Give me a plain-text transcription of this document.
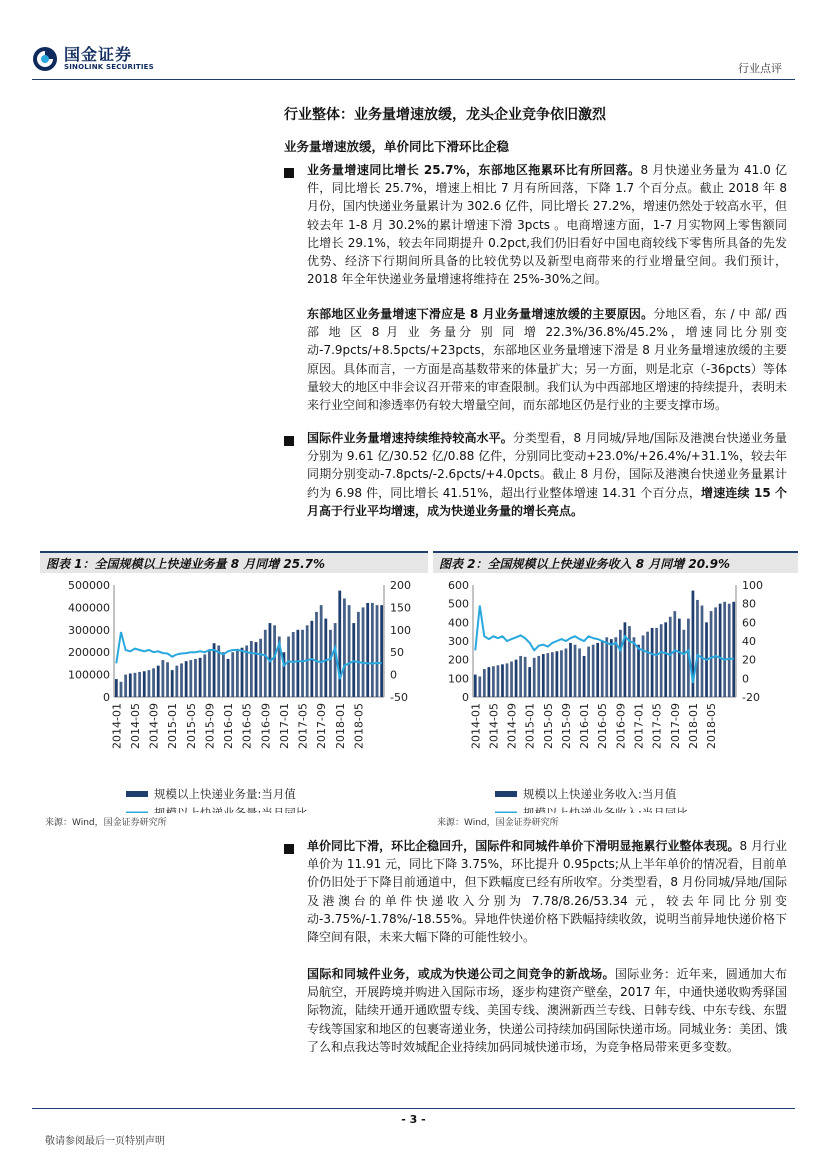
国金证券
SINOLINK SECURITIES	行业点评
行业整体：业务量增速放缓，龙头企业竞争依旧激烈
业务量增速放缓，单价同比下滑环比企稳
业务量增速同比增长 25.7%，东部地区拖累环比有所回落。8 月快递业务量为 41.0 亿件，同比增长 25.7%，增速上相比 7 月有所回落，下降 1.7 个百分点。截止 2018 年 8 月份，国内快递业务量累计为 302.6 亿件，同比增长 27.2%，增速仍然处于较高水平，但较去年 1-8 月 30.2%的累计增速下滑 3pcts 。电商增速方面，1-7 月实物网上零售额同比增长 29.1%，较去年同期提升 0.2pct,我们仍旧看好中国电商较线下零售所具备的先发优势、经济下行期间所具备的比较优势以及新型电商带来的行业增量空间。我们预计，2018 年全年快递业务量增速将维持在 25%-30%之间。
东部地区业务量增速下滑应是 8 月业务量增速放缓的主要原因。分地区看，东 / 中 部/ 西 部 地 区 8 月 业 务量分 别 同 增 22.3%/36.8%/45.2%，增速同比分别变动-7.9pcts/+8.5pcts/+23pcts，东部地区业务量增速下滑是 8 月业务量增速放缓的主要原因。具体而言，一方面是高基数带来的体量扩大；另一方面，则是北京（-36pcts）等体量较大的地区中非会议召开带来的审查限制。我们认为中西部地区增速的持续提升，表明未来行业空间和渗透率仍有较大增量空间，而东部地区仍是行业的主要支撑市场。
国际件业务量增速持续维持较高水平。分类型看，8 月同城/异地/国际及港澳台快递业务量分别为 9.61 亿/30.52 亿/0.88 亿件，分别同比变动+23.0%/+26.4%/+31.1%，较去年同期分别变动-7.8pcts/-2.6pcts/+4.0pcts。截止 8 月份，国际及港澳台快递业务量累计约为 6.98 件，同比增长 41.51%，超出行业整体增速 14.31 个百分点，增速连续 15 个月高于行业平均增速，成为快递业务量的增长亮点。
图表 1：全国规模以上快递业务量 8 月同增 25.7%
500000
400000
300000
200000
100000
0
200
150
100
50
0
-50
2014-01 2014-05 2014-09 2015-01 2015-05 2015-09 2016-01 2016-05 2016-09 2017-01 2017-05 2017-09 2018-01 2018-05
规模以上快递业务量:当月值
规模以上快递业务量:当月同比
图表 2：全国规模以上快递业务收入 8 月同增 20.9%
600
500
400
300
200
100
0
100
80
60
40
20
0
-20
2014-01 2014-05 2014-09 2015-01 2015-05 2015-09 2016-01 2016-05 2016-09 2017-01 2017-05 2017-09 2018-01 2018-05
规模以上快递业务收入:当月值
规模以上快递业务收入:当月同比
来源：Wind，国金证券研究所	来源：Wind，国金证券研究所
单价同比下滑，环比企稳回升，国际件和同城件单价下滑明显拖累行业整体表现。8 月行业单价为 11.91 元，同比下降 3.75%，环比提升 0.95pcts;从上半年单价的情况看，目前单价仍旧处于下降目前通道中，但下跌幅度已经有所收窄。分类型看，8 月份同城/异地/国际及港澳台的单件快递收入分别为 7.78/8.26/53.34 元，较去年同比分别变动-3.75%/-1.78%/-18.55%。异地件快递价格下跌幅持续收敛，说明当前异地快递价格下降空间有限，未来大幅下降的可能性较小。
国际和同城件业务，或成为快递公司之间竞争的新战场。国际业务：近年来，圆通加大布局航空，开展跨境并购进入国际市场，逐步构建资产壁垒，2017 年，中通快递收购秀驿国际物流，陆续开通开通欧盟专线、美国专线、澳洲新西兰专线、日韩专线、中东专线、东盟专线等国家和地区的包裹寄递业务，快递公司持续加码国际快递市场。同城业务：美团、饿了么和点我达等时效城配企业持续加码同城快递市场，为竞争格局带来更多变数。
- 3 -
敬请参阅最后一页特别声明
